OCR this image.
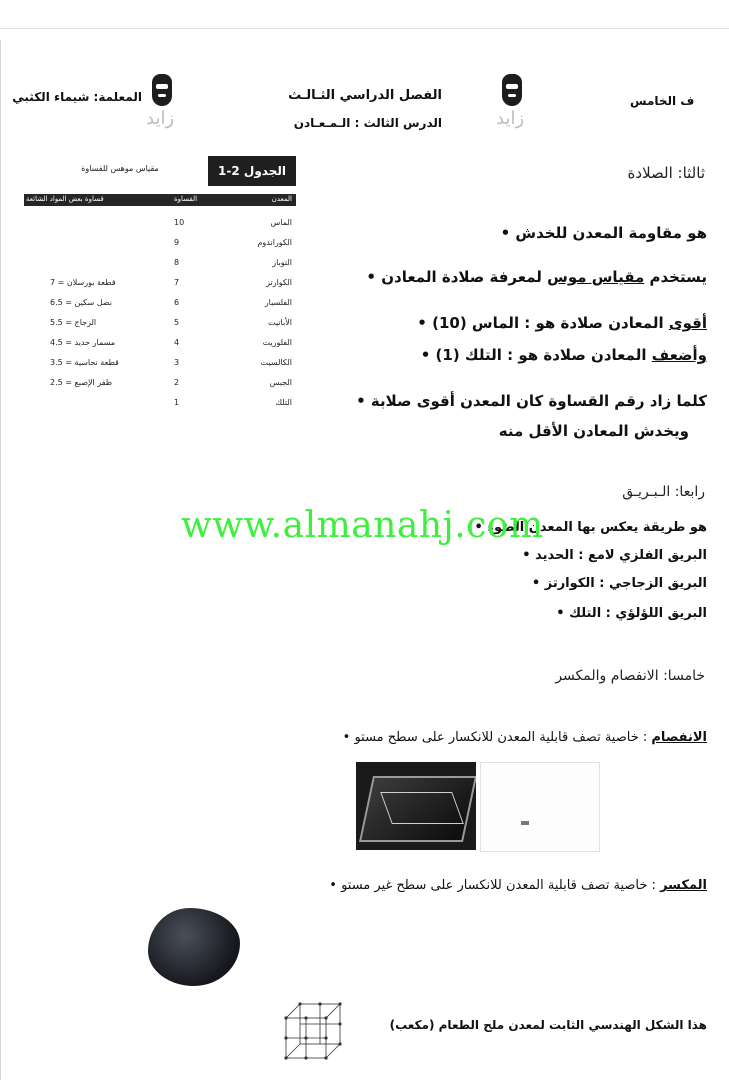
ف الخامس
زايد
الفصل الدراسي الثـالـث
الدرس الثالث : الـمـعـادن
زايد
المعلمة: شيماء الكثبي
الجدول 2-1
مقياس موهس للقساوة
المعدن
القساوة
قساوة بعض المواد الشائعة
الماس
10
الكوراندوم
9
التوباز
8
الكوارتز
7
قطعة بورسلان = 7
الفلسبار
6
نصل سكين = 6.5
الأباتيت
5
الزجاج = 5.5
الفلوريت
4
مسمار حديد = 4.5
الكالسيت
3
قطعة نحاسية = 3.5
الجبس
2
ظفر الإصبع = 2.5
التلك
1
ثالثا: الصلادة
هو مقاومة المعدن للخدش •
يستخدم مقياس موس لمعرفة صلادة المعادن •
أقوى المعادن صلادة هو : الماس (10) •
وأضعف المعادن صلادة هو : التلك (1) •
كلما زاد رقم القساوة كان المعدن أقوى صلابة •
ويخدش المعادن الأقل منه
رابعا: الـبـريـق
هو طريقة يعكس بها المعدن الضوء •
البريق الفلزي لامع : الحديد •
البريق الزجاجي : الكوارتز •
البريق اللؤلؤي : التلك •
www.almanahj.com
خامسا: الانفصام والمكسر
الانفصام : خاصية تصف قابلية المعدن للانكسار على سطح مستو •
المكسر : خاصية تصف قابلية المعدن للانكسار على سطح غير مستو •
هذا الشكل الهندسي الثابت لمعدن ملح الطعام (مكعب)
